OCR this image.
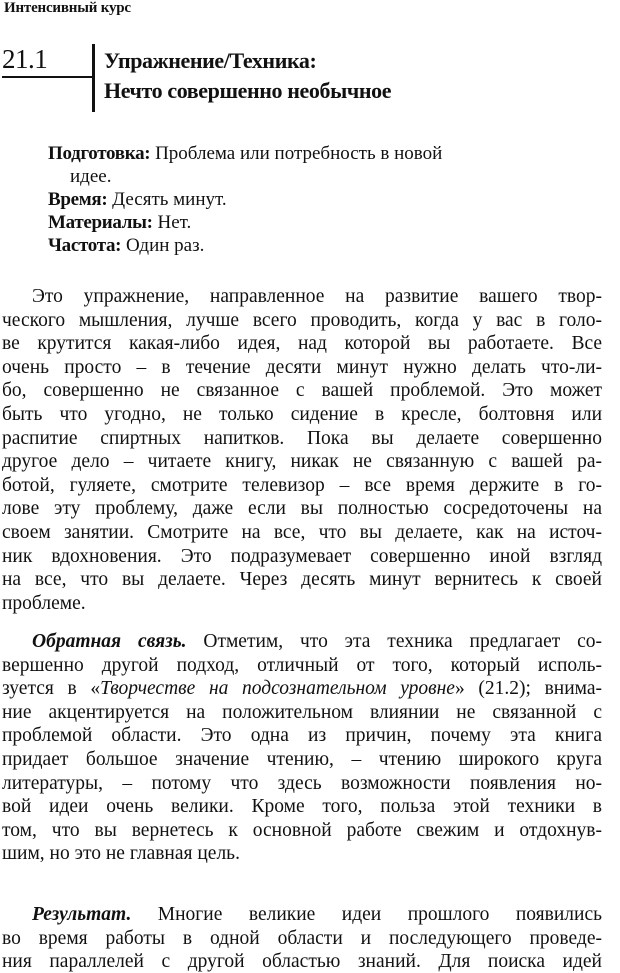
Интенсивный курс
21.1	Упражнение/Техника:
Нечто совершенно необычное
Подготовка: Проблема или потребность в новой
идее.
Время: Десять минут.
Материалы: Нет.
Частота: Один раз.
Это упражнение, направленное на развитие вашего твор-
ческого мышления, лучше всего проводить, когда у вас в голо-
ве крутится какая-либо идея, над которой вы работаете. Все
очень просто – в течение десяти минут нужно делать что-ли-
бо, совершенно не связанное с вашей проблемой. Это может
быть что угодно, не только сидение в кресле, болтовня или
распитие спиртных напитков. Пока вы делаете совершенно
другое дело – читаете книгу, никак не связанную с вашей ра-
ботой, гуляете, смотрите телевизор – все время держите в го-
лове эту проблему, даже если вы полностью сосредоточены на
своем занятии. Смотрите на все, что вы делаете, как на источ-
ник вдохновения. Это подразумевает совершенно иной взгляд
на все, что вы делаете. Через десять минут вернитесь к своей
проблеме.
Обратная связь. Отметим, что эта техника предлагает со-
вершенно другой подход, отличный от того, который исполь-
зуется в «Творчестве на подсознательном уровне» (21.2); внима-
ние акцентируется на положительном влиянии не связанной с
проблемой области. Это одна из причин, почему эта книга
придает большое значение чтению, – чтению широкого круга
литературы, – потому что здесь возможности появления но-
вой идеи очень велики. Кроме того, польза этой техники в
том, что вы вернетесь к основной работе свежим и отдохнув-
шим, но это не главная цель.
Результат. Многие великие идеи прошлого появились
во время работы в одной области и последующего проведе-
ния параллелей с другой областью знаний. Для поиска идей
